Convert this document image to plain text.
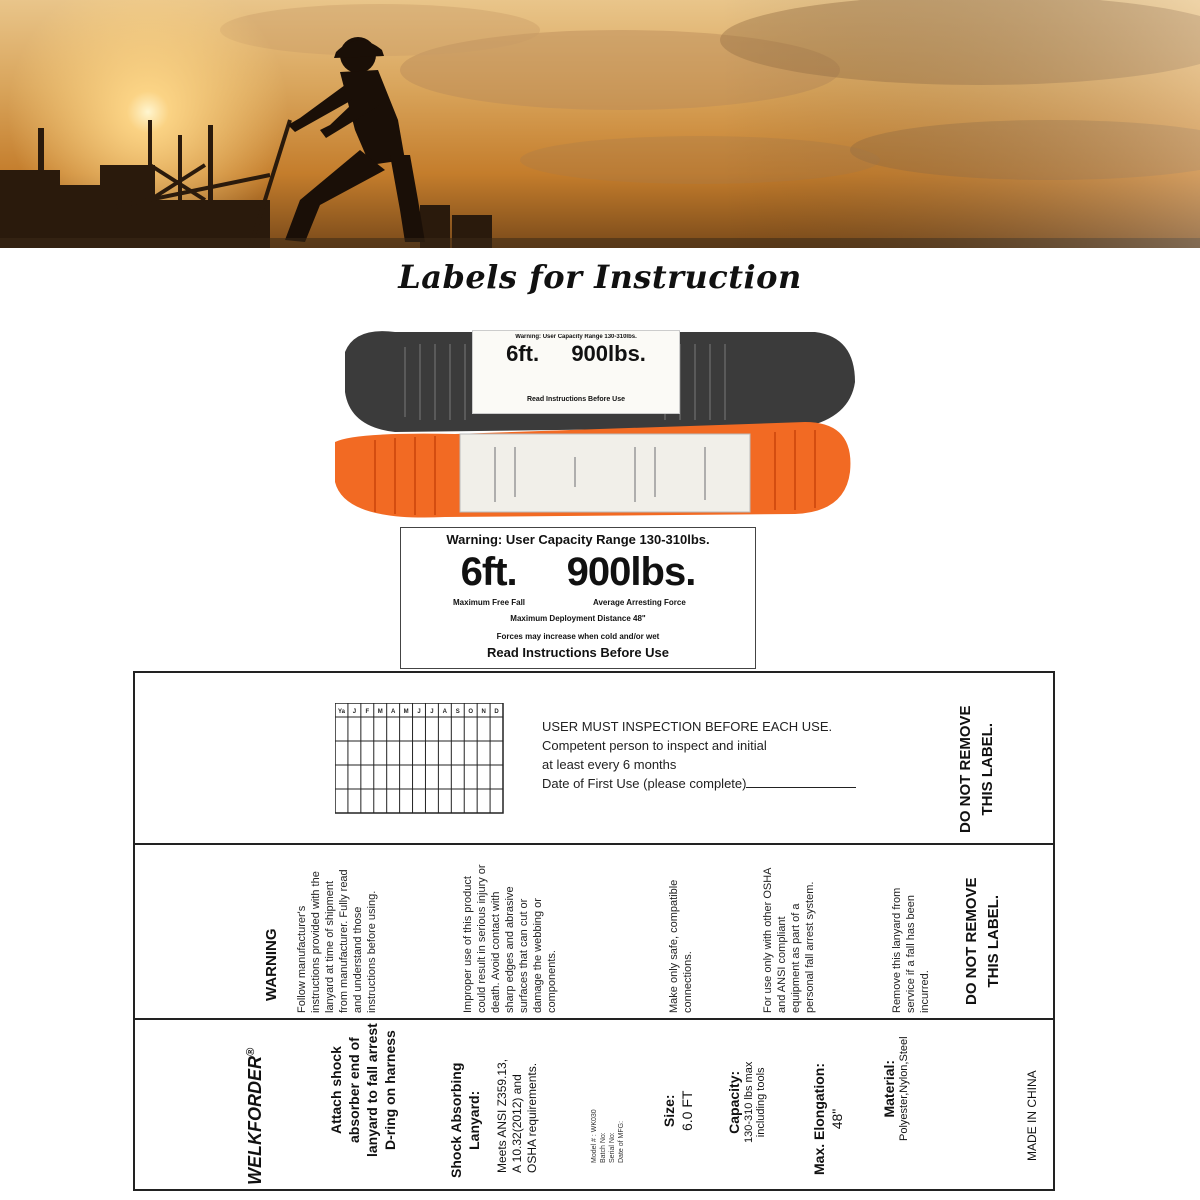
Labels for Instruction
Warning: User Capacity Range 130-310lbs.
6ft. 900lbs.
Read Instructions Before Use
Warning: User Capacity Range 130-310lbs.
6ft. 900lbs.
Maximum Free Fall	Average Arresting Force
Maximum Deployment Distance 48"
Forces may increase when cold and/or wet
Read Instructions Before Use
Ya J F M A M J J A S O N D
USER MUST INSPECTION BEFORE EACH USE.
Competent person to inspect and initial
at least every 6 months
Date of First Use (please complete)	DO NOT REMOVE THIS LABEL.
WARNING Follow manufacturer's instructions provided with the lanyard at time of shipment from manufacturer. Fully read and understand those instructions before using.	Improper use of this product could result in serious injury or death. Avoid contact with sharp edges and abrasive surfaces that can cut or damage the webbing or components.	Make only safe, compatible connections.	For use only with other OSHA and ANSI compliant equipment as part of a personal fall arrest system.	Remove this lanyard from service if a fall has been incurred. DO NOT REMOVE THIS LABEL.
WELKFORDER®	Attach shock absorber end of lanyard to fall arrest D-ring on harness	Shock Absorbing Lanyard: Meets ANSI Z359.13, A 10.32(2012) and OSHA requirements.	Model # : WK030 Batch No: Serial No: Date of MFG:
Size: 6.0 FT Capacity: 130-310 lbs max including tools	Max. Elongation: 48"
Material: Polyester,Nylon,Steel	MADE IN CHINA
